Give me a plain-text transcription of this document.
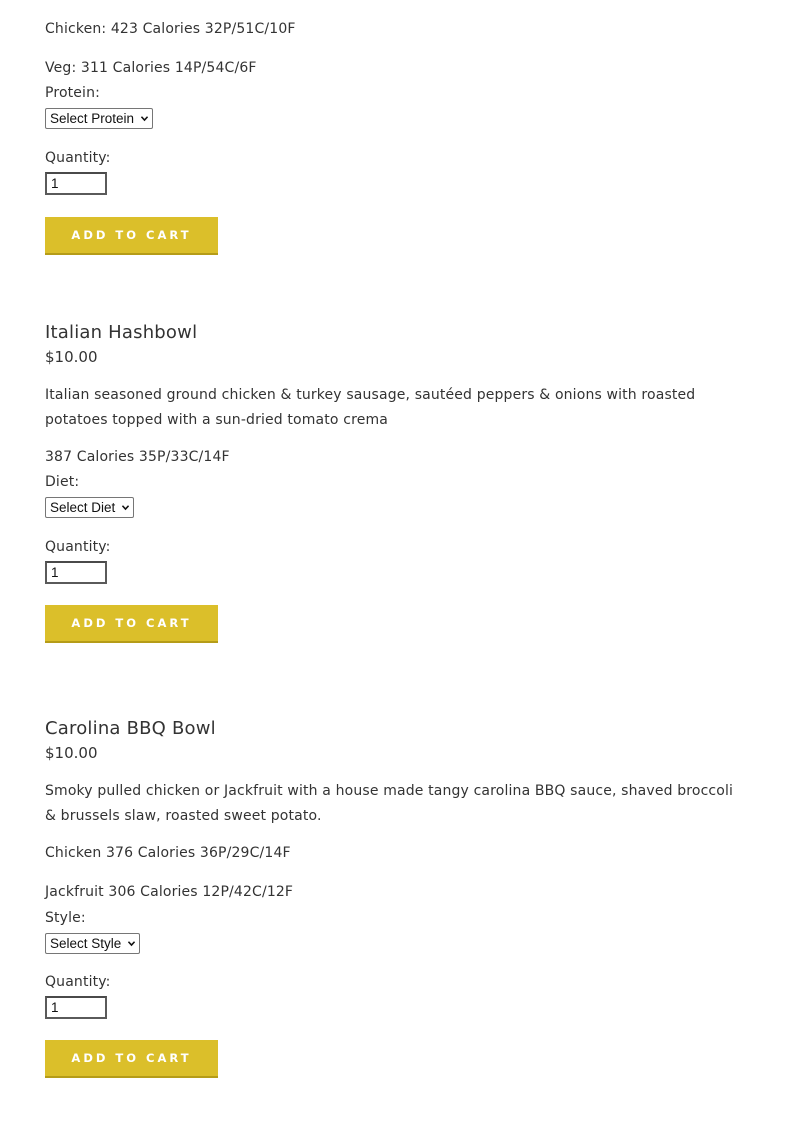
Chicken: 423 Calories 32P/51C/10F

Veg: 311 Calories 14P/54C/6F

Protein:
Select Protein
Quantity:
1
ADD TO CART
Italian Hashbowl

$10.00

Italian seasoned ground chicken & turkey sausage, sautéed peppers & onions with roasted potatoes topped with a sun-dried tomato crema

387 Calories 35P/33C/14F

Diet:
Select Diet
Quantity:
1
ADD TO CART
Carolina BBQ Bowl

$10.00

Smoky pulled chicken or Jackfruit with a house made tangy carolina BBQ sauce, shaved broccoli & brussels slaw, roasted sweet potato.

Chicken 376 Calories 36P/29C/14F

Jackfruit 306 Calories 12P/42C/12F

Style:
Select Style
Quantity:
1
ADD TO CART
